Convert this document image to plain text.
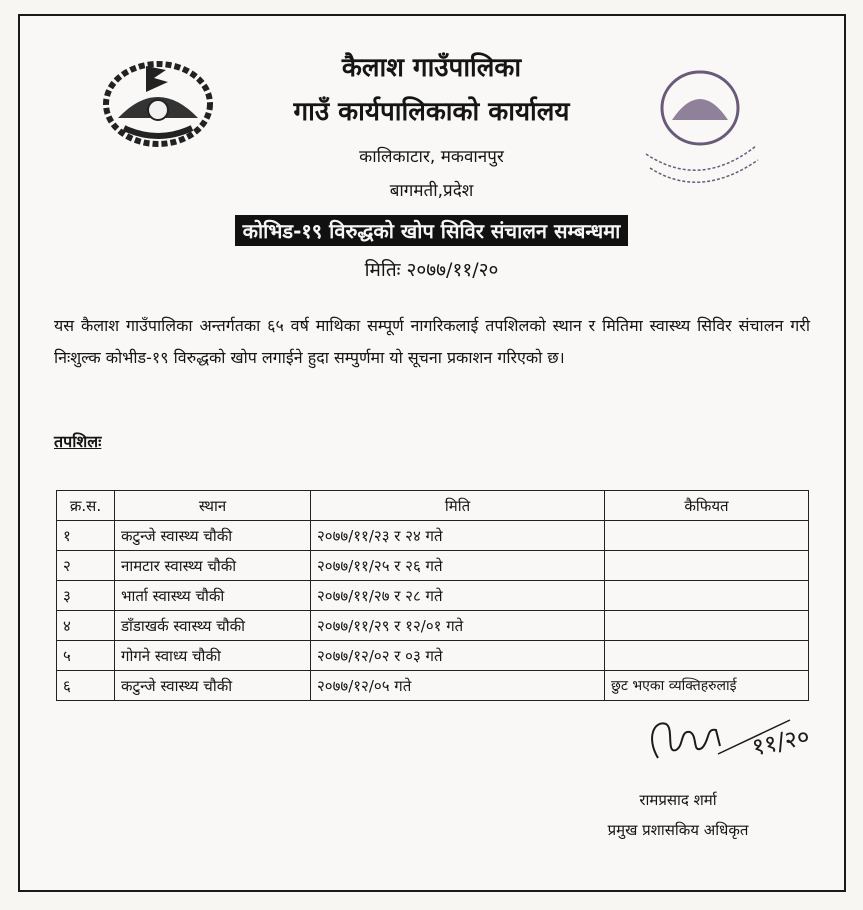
कैलाश गाउँपालिका
गाउँ कार्यपालिकाको कार्यालय
कालिकाटार, मकवानपुर
बागमती,प्रदेश
कोभिड-१९ विरुद्धको खोप सिविर संचालन सम्बन्धमा
मितिः २०७७/११/२०

यस कैलाश गाउँपालिका अन्तर्गतका ६५ वर्ष माथिका सम्पूर्ण नागरिकलाई तपशिलको स्थान र मितिमा स्वास्थ्य सिविर संचालन गरी निःशुल्क कोभीड-१९ विरुद्धको खोप लगाईने हुदा सम्पुर्णमा यो सूचना प्रकाशन गरिएको छ।

तपशिलः
क्र.स.	स्थान	मिति	कैफियत
१	कटुन्जे स्वास्थ्य चौकी	२०७७/११/२३ र २४ गते	
२	नामटार स्वास्थ्य चौकी	२०७७/११/२५ र २६ गते	
३	भार्ता स्वास्थ्य चौकी	२०७७/११/२७ र २८ गते	
४	डाँडाखर्क स्वास्थ्य चौकी	२०७७/११/२९ र १२/०१ गते	
५	गोगने स्वाध्य चौकी	२०७७/१२/०२ र ०३ गते	
६	कटुन्जे स्वास्थ्य चौकी	२०७७/१२/०५ गते	छुट भएका व्यक्तिहरुलाई
११/२०
रामप्रसाद शर्मा
प्रमुख प्रशासकिय अधिकृत
